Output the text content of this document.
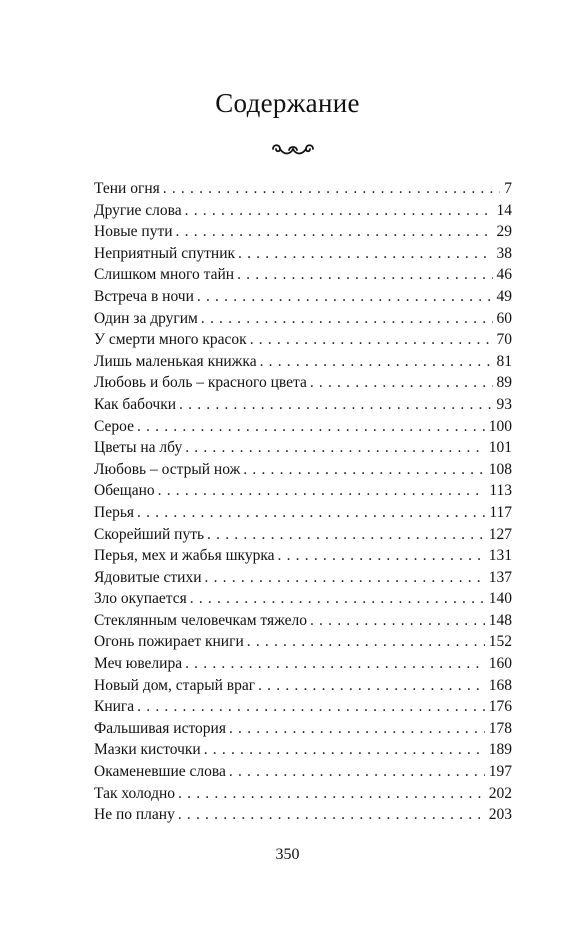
Содержание
Тени огня .....	7
Другие слова .....	14
Новые пути .....	29
Неприятный спутник .....	38
Слишком много тайн .....	46
Встреча в ночи .....	49
Один за другим .....	60
У смерти много красок .....	70
Лишь маленькая книжка .....	81
Любовь и боль – красного цвета .....	89
Как бабочки .....	93
Серое .....	100
Цветы на лбу .....	101
Любовь – острый нож .....	108
Обещано .....	113
Перья .....	117
Скорейший путь .....	127
Перья, мех и жабья шкурка .....	131
Ядовитые стихи .....	137
Зло окупается .....	140
Стеклянным человечкам тяжело .....	148
Огонь пожирает книги .....	152
Меч ювелира .....	160
Новый дом, старый враг .....	168
Книга .....	176
Фальшивая история .....	178
Мазки кисточки .....	189
Окаменевшие слова .....	197
Так холодно .....	202
Не по плану .....	203
350
